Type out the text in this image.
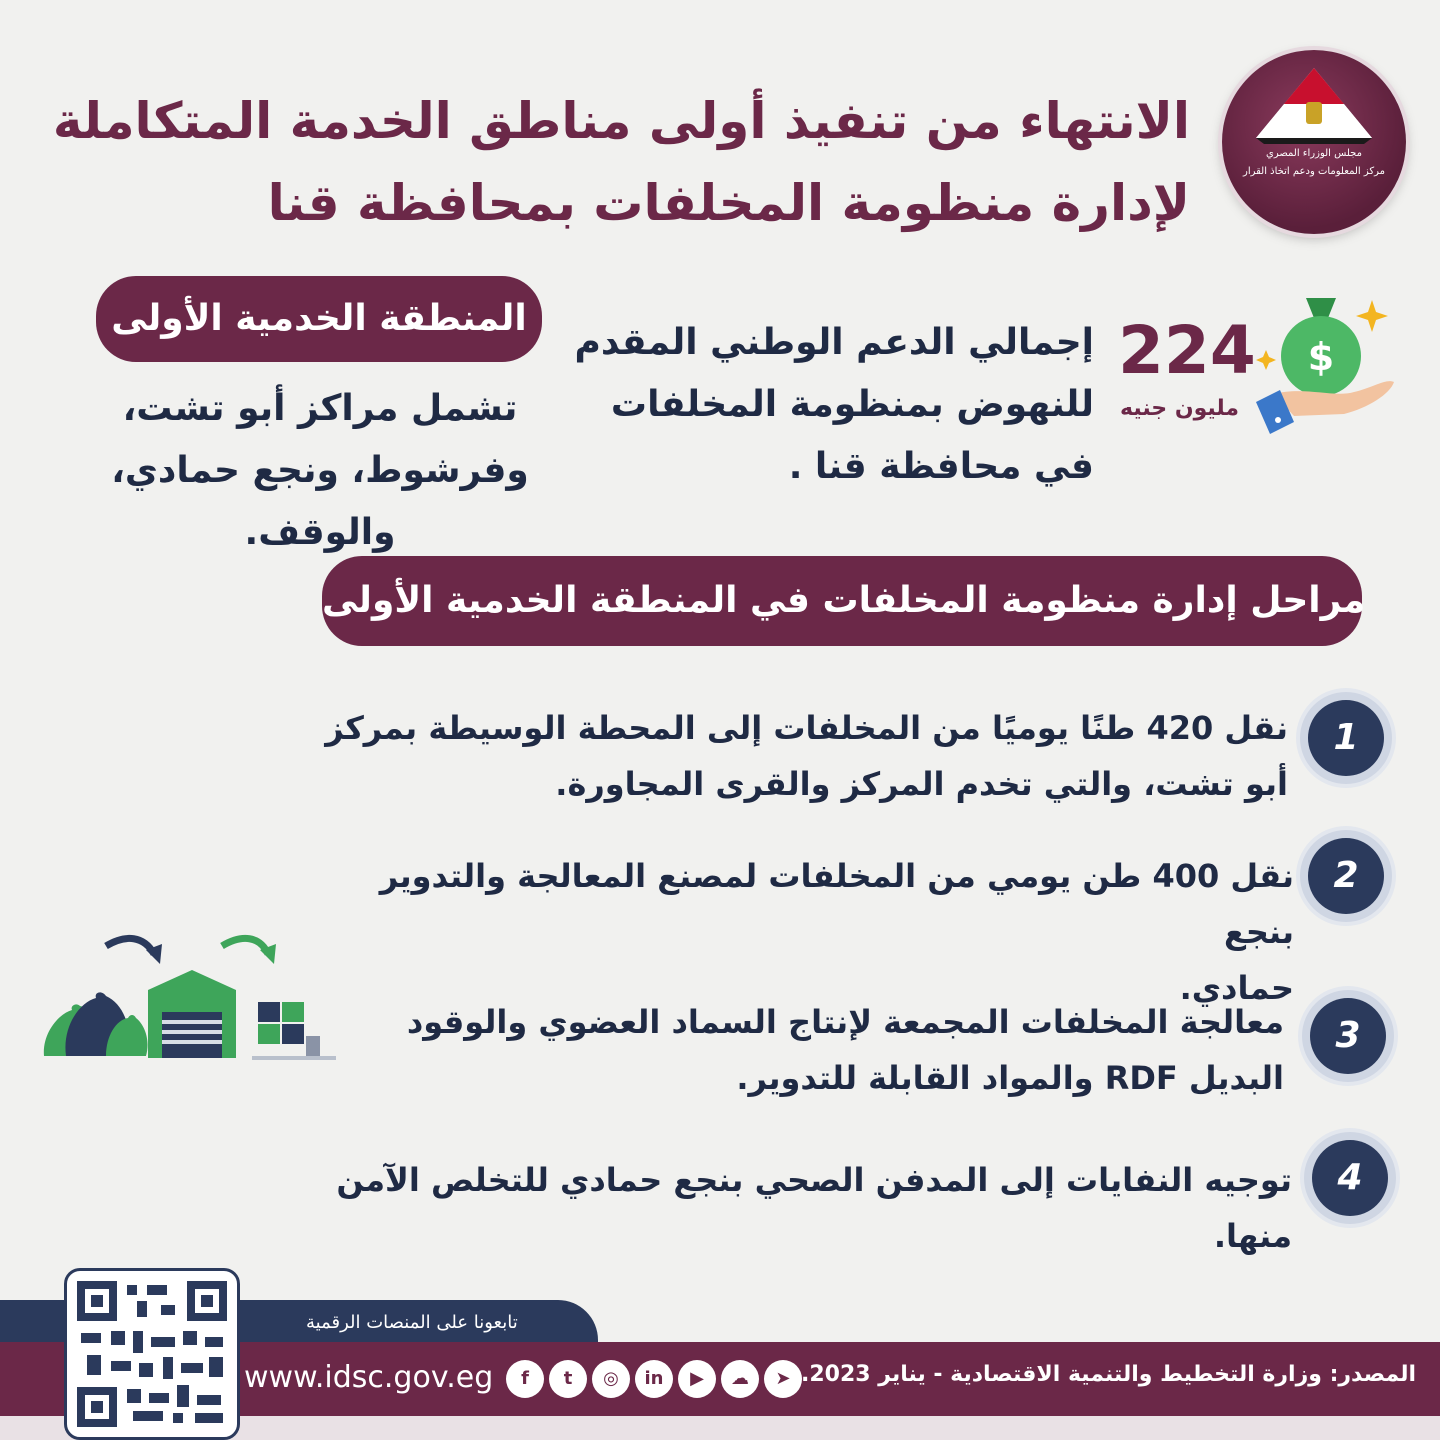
مجلس الوزراء المصري
مركز المعلومات ودعم اتخاذ القرار
الانتهاء من تنفيذ أولى مناطق الخدمة المتكاملة
لإدارة منظومة المخلفات بمحافظة قنا
$
224
مليون جنيه
إجمالي الدعم الوطني المقدم
للنهوض بمنظومة المخلفات
في محافظة قنا .
المنطقة الخدمية الأولى
تشمل مراكز أبو تشت،
وفرشوط، ونجع حمادي، والوقف.
مراحل إدارة منظومة المخلفات في المنطقة الخدمية الأولى
1
نقل 420 طنًا يوميًا من المخلفات إلى المحطة الوسيطة بمركز
أبو تشت، والتي تخدم المركز والقرى المجاورة.
2
نقل 400 طن يومي من المخلفات لمصنع المعالجة والتدوير بنجع
حمادي.
3
معالجة المخلفات المجمعة لإنتاج السماد العضوي والوقود
البديل RDF والمواد القابلة للتدوير.
4
توجيه النفايات إلى المدفن الصحي بنجع حمادي للتخلص الآمن منها.
تابعونا على المنصات الرقمية
www.idsc.gov.eg	f	t	◎	in	▶	☁	➤ المصدر: وزارة التخطيط والتنمية الاقتصادية - يناير 2023.
